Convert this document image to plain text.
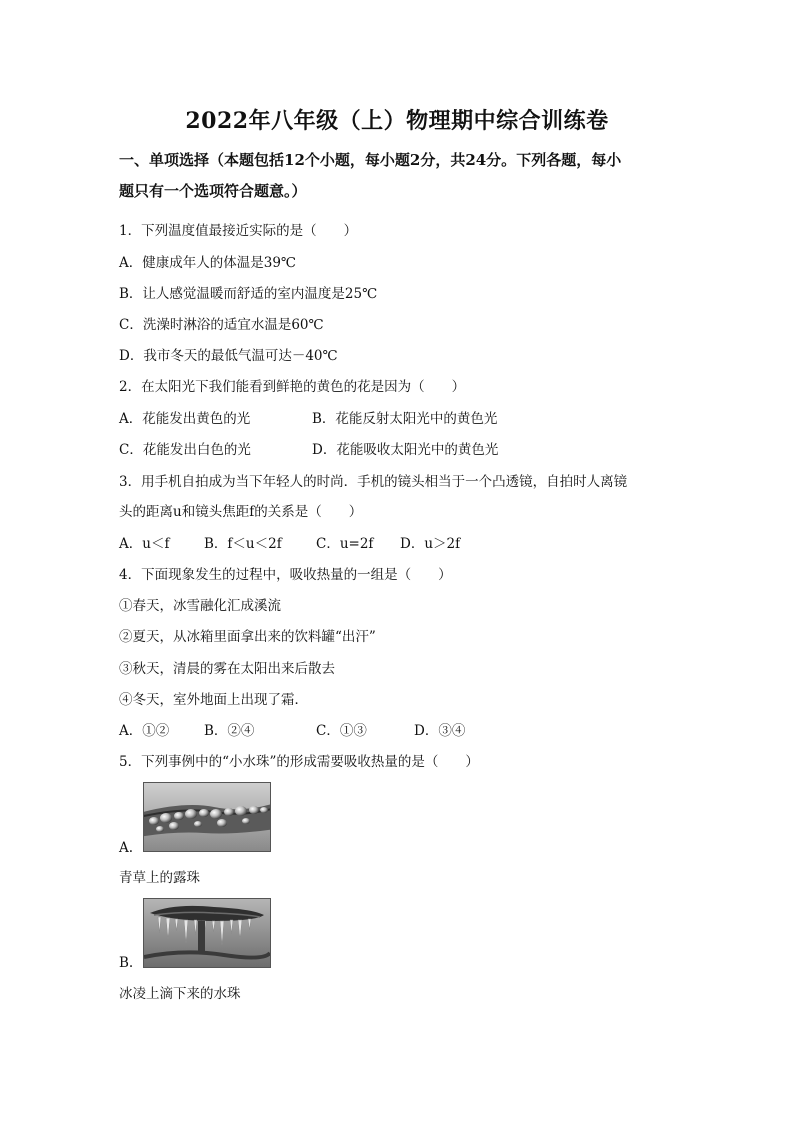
2022年八年级（上）物理期中综合训练卷
一、单项选择（本题包括12个小题，每小题2分，共24分。下列各题，每小
题只有一个选项符合题意。）
1．下列温度值最接近实际的是（　　）
A．健康成年人的体温是39℃
B．让人感觉温暖而舒适的室内温度是25℃
C．洗澡时淋浴的适宜水温是60℃
D．我市冬天的最低气温可达－40℃
2．在太阳光下我们能看到鲜艳的黄色的花是因为（　　）
A．花能发出黄色的光	B．花能反射太阳光中的黄色光
C．花能发出白色的光	D．花能吸收太阳光中的黄色光
3．用手机自拍成为当下年轻人的时尚．手机的镜头相当于一个凸透镜，自拍时人离镜
头的距离u和镜头焦距f的关系是（　　）
A．u＜f	B．f＜u＜2f	C．u=2f D．u＞2f
4．下面现象发生的过程中，吸收热量的一组是（　　）
①春天，冰雪融化汇成溪流
②夏天，从冰箱里面拿出来的饮料罐“出汗”
③秋天，清晨的雾在太阳出来后散去
④冬天，室外地面上出现了霜．
A．①②	B．②④	C．①③	D．③④
5．下列事例中的“小水珠”的形成需要吸收热量的是（　　）
A.
青草上的露珠
B.
冰凌上滴下来的水珠
